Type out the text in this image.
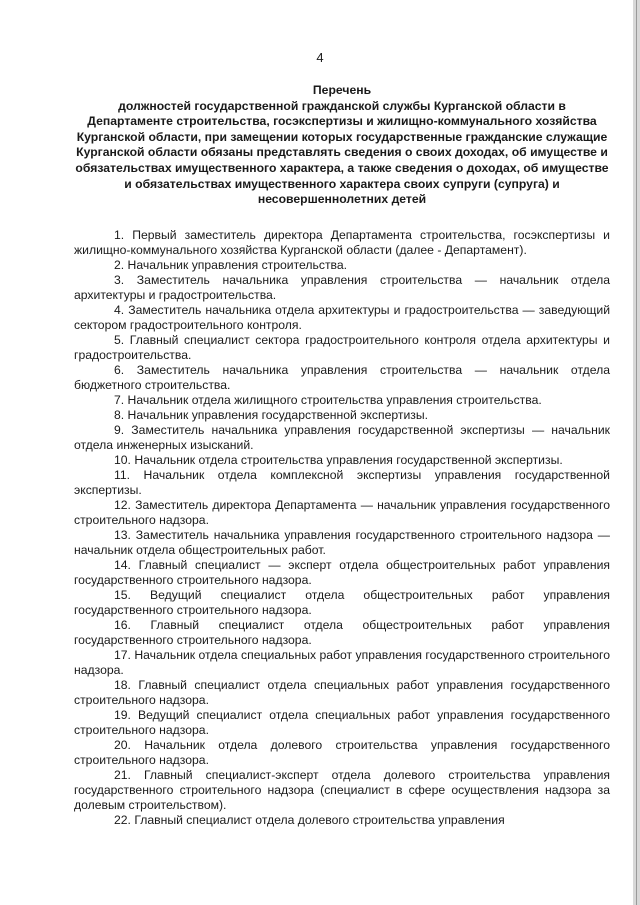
4
Перечень
должностей государственной гражданской службы Курганской области в Департаменте строительства, госэкспертизы и жилищно-коммунального хозяйства Курганской области, при замещении которых государственные гражданские служащие Курганской области обязаны представлять сведения о своих доходах, об имуществе и обязательствах имущественного характера, а также сведения о доходах, об имуществе и обязательствах имущественного характера своих супруги (супруга) и несовершеннолетних детей

1. Первый заместитель директора Департамента строительства, госэкспертизы и жилищно-коммунального хозяйства Курганской области (далее - Департамент).

2. Начальник управления строительства.

3. Заместитель начальника управления строительства — начальник отдела архитектуры и градостроительства.

4. Заместитель начальника отдела архитектуры и градостроительства — заведующий сектором градостроительного контроля.

5. Главный специалист сектора градостроительного контроля отдела архитектуры и градостроительства.

6. Заместитель начальника управления строительства — начальник отдела бюджетного строительства.

7. Начальник отдела жилищного строительства управления строительства.

8. Начальник управления государственной экспертизы.

9. Заместитель начальника управления государственной экспертизы — начальник отдела инженерных изысканий.

10. Начальник отдела строительства управления государственной экспертизы.

11. Начальник отдела комплексной экспертизы управления государственной экспертизы.

12. Заместитель директора Департамента — начальник управления государственного строительного надзора.

13. Заместитель начальника управления государственного строительного надзора — начальник отдела общестроительных работ.

14. Главный специалист — эксперт отдела общестроительных работ управления государственного строительного надзора.

15. Ведущий специалист отдела общестроительных работ управления государственного строительного надзора.

16. Главный специалист отдела общестроительных работ управления государственного строительного надзора.

17. Начальник отдела специальных работ управления государственного строительного надзора.

18. Главный специалист отдела специальных работ управления государственного строительного надзора.

19. Ведущий специалист отдела специальных работ управления государственного строительного надзора.

20. Начальник отдела долевого строительства управления государственного строительного надзора.

21. Главный специалист-эксперт отдела долевого строительства управления государственного строительного надзора (специалист в сфере осуществления надзора за долевым строительством).

22. Главный специалист отдела долевого строительства управления
